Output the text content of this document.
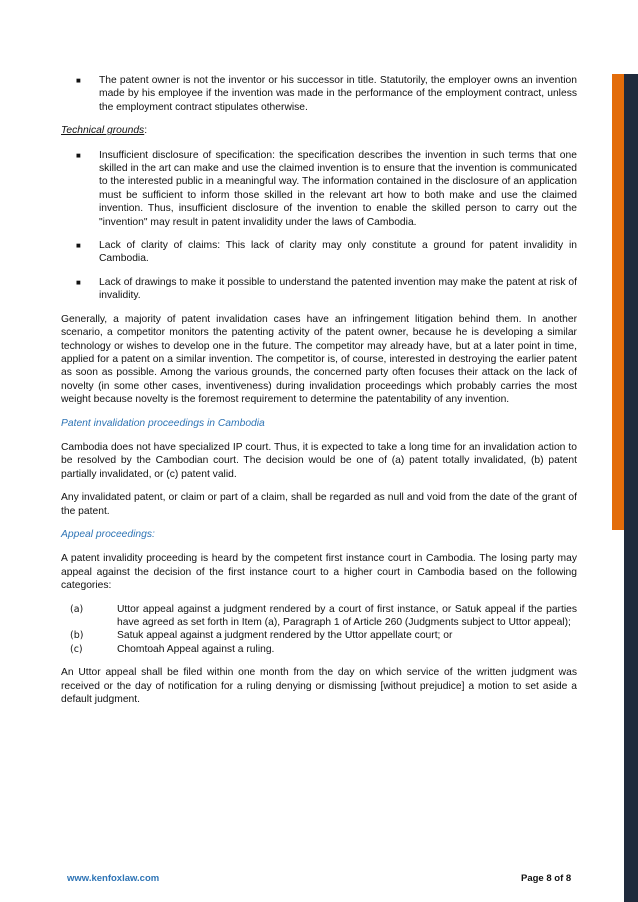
■ The patent owner is not the inventor or his successor in title. Statutorily, the employer owns an invention made by his employee if the invention was made in the performance of the employment contract, unless the employment contract stipulates otherwise.
Technical grounds:
■ Insufficient disclosure of specification: the specification describes the invention in such terms that one skilled in the art can make and use the claimed invention is to ensure that the invention is communicated to the interested public in a meaningful way. The information contained in the disclosure of an application must be sufficient to inform those skilled in the relevant art how to both make and use the claimed invention. Thus, insufficient disclosure of the invention to enable the skilled person to carry out the "invention" may result in patent invalidity under the laws of Cambodia.
■ Lack of clarity of claims: This lack of clarity may only constitute a ground for patent invalidity in Cambodia.
■ Lack of drawings to make it possible to understand the patented invention may make the patent at risk of invalidity.

Generally, a majority of patent invalidation cases have an infringement litigation behind them. In another scenario, a competitor monitors the patenting activity of the patent owner, because he is developing a similar technology or wishes to develop one in the future. The competitor may already have, but at a later point in time, applied for a patent on a similar invention. The competitor is, of course, interested in destroying the earlier patent as soon as possible. Among the various grounds, the concerned party often focuses their attack on the lack of novelty (in some other cases, inventiveness) during invalidation proceedings which probably carries the most weight because novelty is the foremost requirement to determine the patentability of any invention.

Patent invalidation proceedings in Cambodia

Cambodia does not have specialized IP court. Thus, it is expected to take a long time for an invalidation action to be resolved by the Cambodian court. The decision would be one of (a) patent totally invalidated, (b) patent partially invalidated, or (c) patent valid.

Any invalidated patent, or claim or part of a claim, shall be regarded as null and void from the date of the grant of the patent.

Appeal proceedings:

A patent invalidity proceeding is heard by the competent first instance court in Cambodia. The losing party may appeal against the decision of the first instance court to a higher court in Cambodia based on the following categories:

(a)	Uttor appeal against a judgment rendered by a court of first instance, or Satuk appeal if the parties have agreed as set forth in Item (a), Paragraph 1 of Article 260 (Judgments subject to Uttor appeal);
(b)	Satuk appeal against a judgment rendered by the Uttor appellate court; or
(c)	Chomtoah Appeal against a ruling.

An Uttor appeal shall be filed within one month from the day on which service of the written judgment was received or the day of notification for a ruling denying or dismissing [without prejudice] a motion to set aside a default judgment.

www.kenfoxlaw.com	Page 8 of 8
